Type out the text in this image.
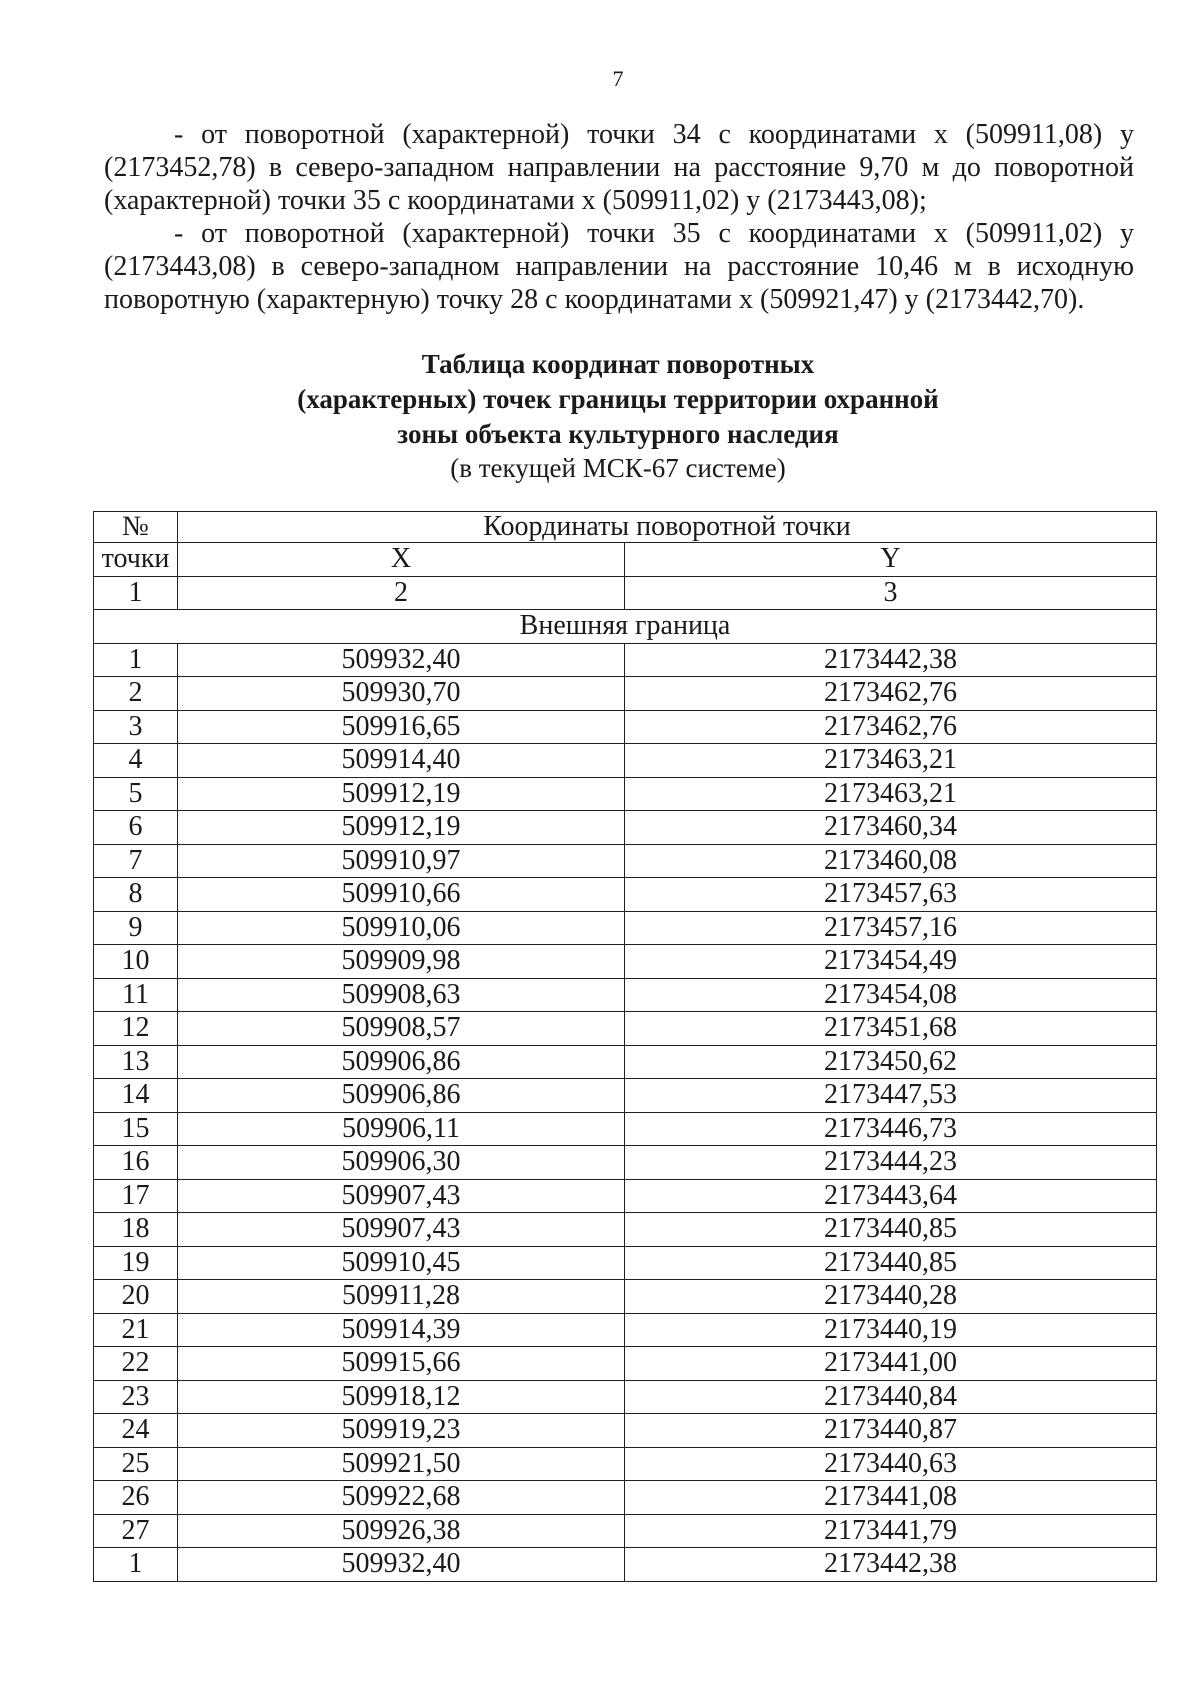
7

- от поворотной (характерной) точки 34 с координатами х (509911,08) у (2173452,78) в северо-западном направлении на расстояние 9,70 м до поворотной (характерной) точки 35 с координатами х (509911,02) у (2173443,08);

- от поворотной (характерной) точки 35 с координатами х (509911,02) у (2173443,08) в северо-западном направлении на расстояние 10,46 м в исходную поворотную (характерную) точку 28 с координатами х (509921,47) у (2173442,70).

Таблица координат поворотных
(характерных) точек границы территории охранной
зоны объекта культурного наследия
(в текущей МСК-67 системе)
№	Координаты поворотной точки	
точки	X	Y
1	2	3
Внешняя граница		
1	509932,40	2173442,38
2	509930,70	2173462,76
3	509916,65	2173462,76
4	509914,40	2173463,21
5	509912,19	2173463,21
6	509912,19	2173460,34
7	509910,97	2173460,08
8	509910,66	2173457,63
9	509910,06	2173457,16
10	509909,98	2173454,49
11	509908,63	2173454,08
12	509908,57	2173451,68
13	509906,86	2173450,62
14	509906,86	2173447,53
15	509906,11	2173446,73
16	509906,30	2173444,23
17	509907,43	2173443,64
18	509907,43	2173440,85
19	509910,45	2173440,85
20	509911,28	2173440,28
21	509914,39	2173440,19
22	509915,66	2173441,00
23	509918,12	2173440,84
24	509919,23	2173440,87
25	509921,50	2173440,63
26	509922,68	2173441,08
27	509926,38	2173441,79
1	509932,40	2173442,38
